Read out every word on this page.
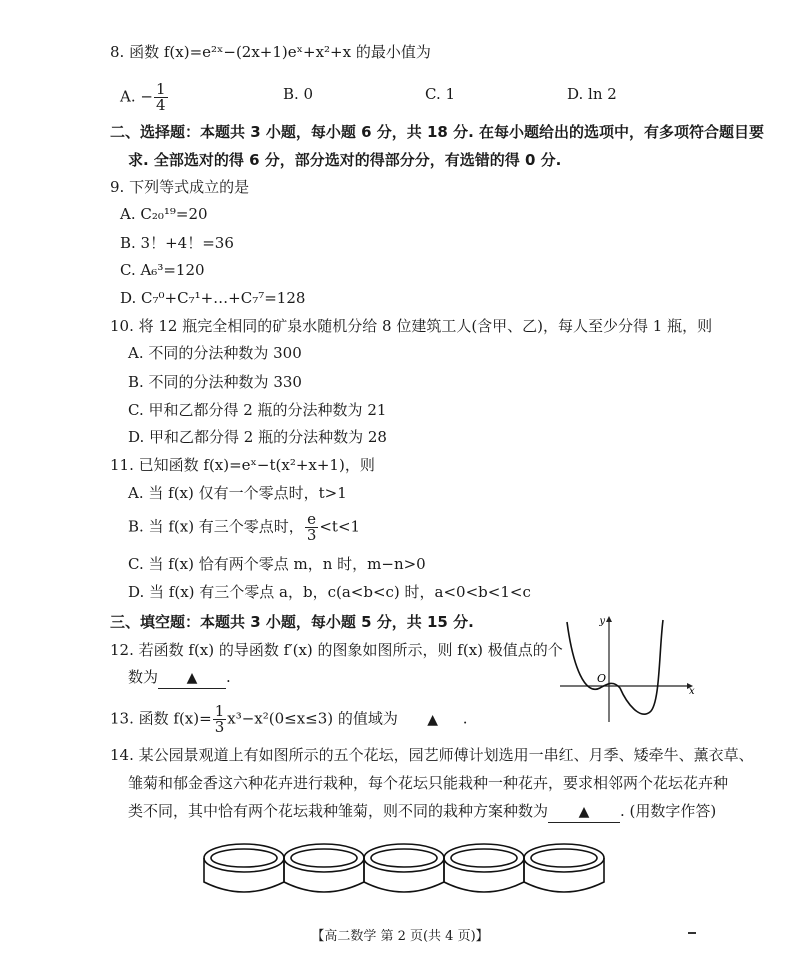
8. 函数 f(x)=e²ˣ−(2x+1)eˣ+x²+x 的最小值为
A. − $\frac{1}{4}$	B. 0	C. 1	D. ln 2
二、选择题：本题共 3 小题，每小题 6 分，共 18 分. 在每小题给出的选项中，有多项符合题目要
求. 全部选对的得 6 分，部分选对的得部分分，有选错的得 0 分.
9. 下列等式成立的是
A. C₂₀¹⁹=20
B. 3！+4！=36
C. A₆³=120
D. C₇⁰+C₇¹+…+C₇⁷=128
10. 将 12 瓶完全相同的矿泉水随机分给 8 位建筑工人(含甲、乙)，每人至少分得 1 瓶，则
A. 不同的分法种数为 300
B. 不同的分法种数为 330
C. 甲和乙都分得 2 瓶的分法种数为 21
D. 甲和乙都分得 2 瓶的分法种数为 28
11. 已知函数 f(x)=eˣ−t(x²+x+1)，则
A. 当 f(x) 仅有一个零点时，t>1
B. 当 f(x) 有三个零点时， $\frac{e}{3} <t<1$
C. 当 f(x) 恰有两个零点 m，n 时，m−n>0
D. 当 f(x) 有三个零点 a，b，c(a<b<c) 时，a<0<b<1<c
三、填空题：本题共 3 小题，每小题 5 分，共 15 分.
12. 若函数 f(x) 的导函数 f′(x) 的图象如图所示，则 f(x) 极值点的个
数为 ▲ .
y
x
O
13. 函数 $f(x)= \frac{1}{3} x^3-x^2(0\le x\le 3)$ 的值域为 ▲ .
14. 某公园景观道上有如图所示的五个花坛，园艺师傅计划选用一串红、月季、矮牵牛、薰衣草、
雏菊和郁金香这六种花卉进行栽种，每个花坛只能栽种一种花卉，要求相邻两个花坛花卉种
类不同，其中恰有两个花坛栽种雏菊，则不同的栽种方案种数为 ▲ . (用数字作答)
【高二数学 第 2 页(共 4 页)】
